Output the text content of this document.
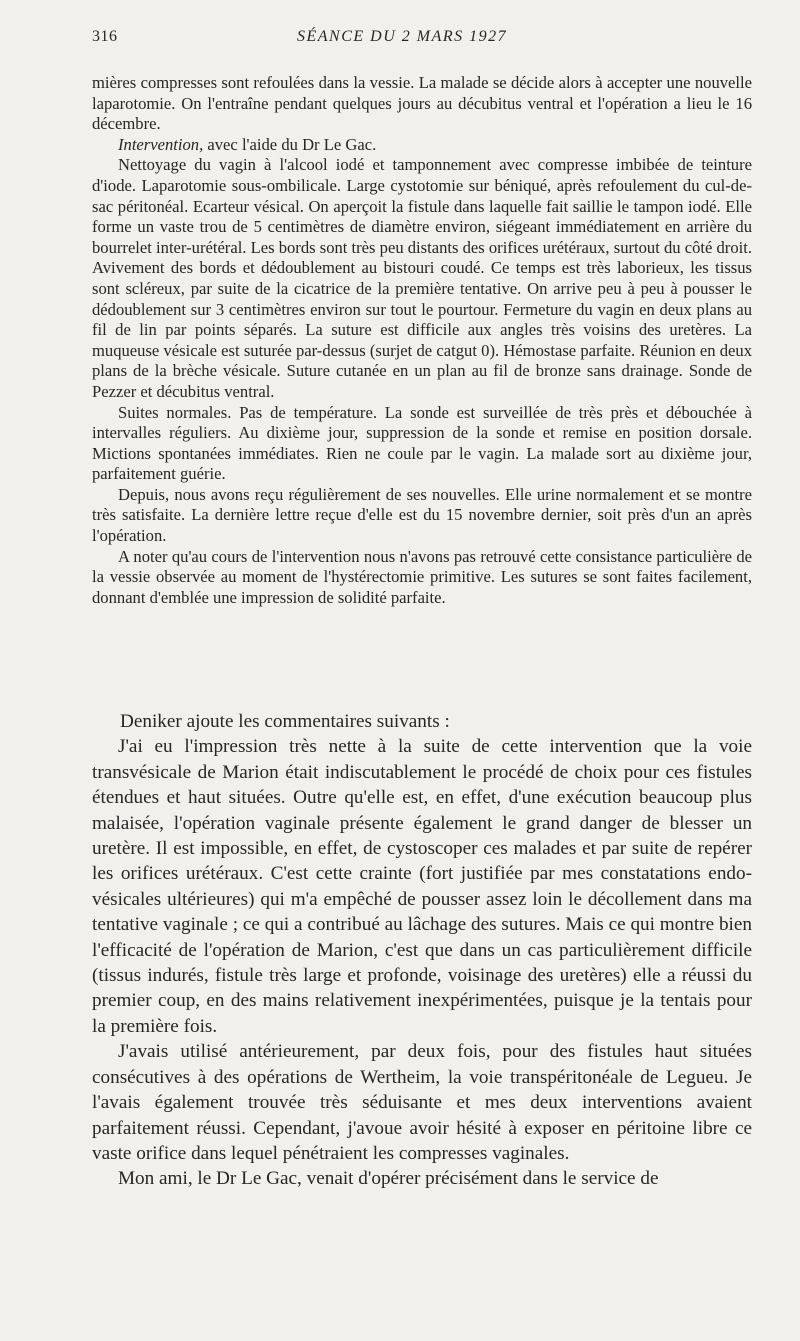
316	SÉANCE DU 2 MARS 1927

mières compresses sont refoulées dans la vessie. La malade se décide alors à accepter une nouvelle laparotomie. On l'entraîne pendant quelques jours au décubitus ventral et l'opération a lieu le 16 décembre.

Intervention, avec l'aide du Dr Le Gac.

Nettoyage du vagin à l'alcool iodé et tamponnement avec compresse imbibée de teinture d'iode. Laparotomie sous-ombilicale. Large cystotomie sur béniqué, après refoulement du cul-de-sac péritonéal. Ecarteur vésical. On aperçoit la fistule dans laquelle fait saillie le tampon iodé. Elle forme un vaste trou de 5 centimètres de diamètre environ, siégeant immédiatement en arrière du bourrelet inter-urétéral. Les bords sont très peu distants des orifices urétéraux, surtout du côté droit. Avivement des bords et dédoublement au bistouri coudé. Ce temps est très laborieux, les tissus sont scléreux, par suite de la cicatrice de la première tentative. On arrive peu à peu à pousser le dédoublement sur 3 centimètres environ sur tout le pourtour. Fermeture du vagin en deux plans au fil de lin par points séparés. La suture est difficile aux angles très voisins des uretères. La muqueuse vésicale est suturée par-dessus (surjet de catgut 0). Hémostase parfaite. Réunion en deux plans de la brèche vésicale. Suture cutanée en un plan au fil de bronze sans drainage. Sonde de Pezzer et décubitus ventral.

Suites normales. Pas de température. La sonde est surveillée de très près et débouchée à intervalles réguliers. Au dixième jour, suppression de la sonde et remise en position dorsale. Mictions spontanées immédiates. Rien ne coule par le vagin. La malade sort au dixième jour, parfaitement guérie.

Depuis, nous avons reçu régulièrement de ses nouvelles. Elle urine normalement et se montre très satisfaite. La dernière lettre reçue d'elle est du 15 novembre dernier, soit près d'un an après l'opération.

A noter qu'au cours de l'intervention nous n'avons pas retrouvé cette consistance particulière de la vessie observée au moment de l'hystérectomie primitive. Les sutures se sont faites facilement, donnant d'emblée une impression de solidité parfaite.

Deniker ajoute les commentaires suivants :

J'ai eu l'impression très nette à la suite de cette intervention que la voie transvésicale de Marion était indiscutablement le procédé de choix pour ces fistules étendues et haut situées. Outre qu'elle est, en effet, d'une exécution beaucoup plus malaisée, l'opération vaginale présente également le grand danger de blesser un uretère. Il est impossible, en effet, de cystoscoper ces malades et par suite de repérer les orifices urétéraux. C'est cette crainte (fort justifiée par mes constatations endo-vésicales ultérieures) qui m'a empêché de pousser assez loin le décollement dans ma tentative vaginale ; ce qui a contribué au lâchage des sutures. Mais ce qui montre bien l'efficacité de l'opération de Marion, c'est que dans un cas particulièrement difficile (tissus indurés, fistule très large et profonde, voisinage des uretères) elle a réussi du premier coup, en des mains relativement inexpérimentées, puisque je la tentais pour la première fois.

J'avais utilisé antérieurement, par deux fois, pour des fistules haut situées consécutives à des opérations de Wertheim, la voie transpéritonéale de Legueu. Je l'avais également trouvée très séduisante et mes deux interventions avaient parfaitement réussi. Cependant, j'avoue avoir hésité à exposer en péritoine libre ce vaste orifice dans lequel pénétraient les compresses vaginales.

Mon ami, le Dr Le Gac, venait d'opérer précisément dans le service de
